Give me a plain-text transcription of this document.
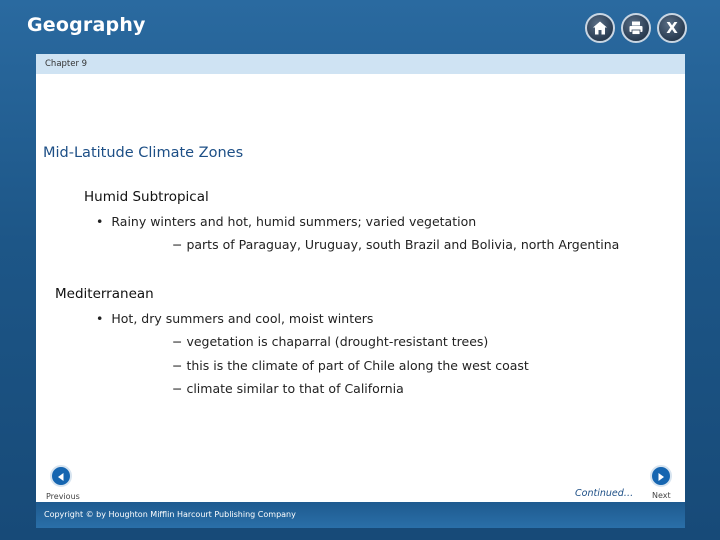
Geography	X
Chapter 9
Mid-Latitude Climate Zones
Humid Subtropical
• Rainy winters and hot, humid summers; varied vegetation
− parts of Paraguay, Uruguay, south Brazil and Bolivia, north Argentina
Mediterranean
• Hot, dry summers and cool, moist winters
− vegetation is chaparral (drought-resistant trees)
− this is the climate of part of Chile along the west coast
− climate similar to that of California
Previous	Continued… Next
Copyright © by Houghton Mifflin Harcourt Publishing Company
